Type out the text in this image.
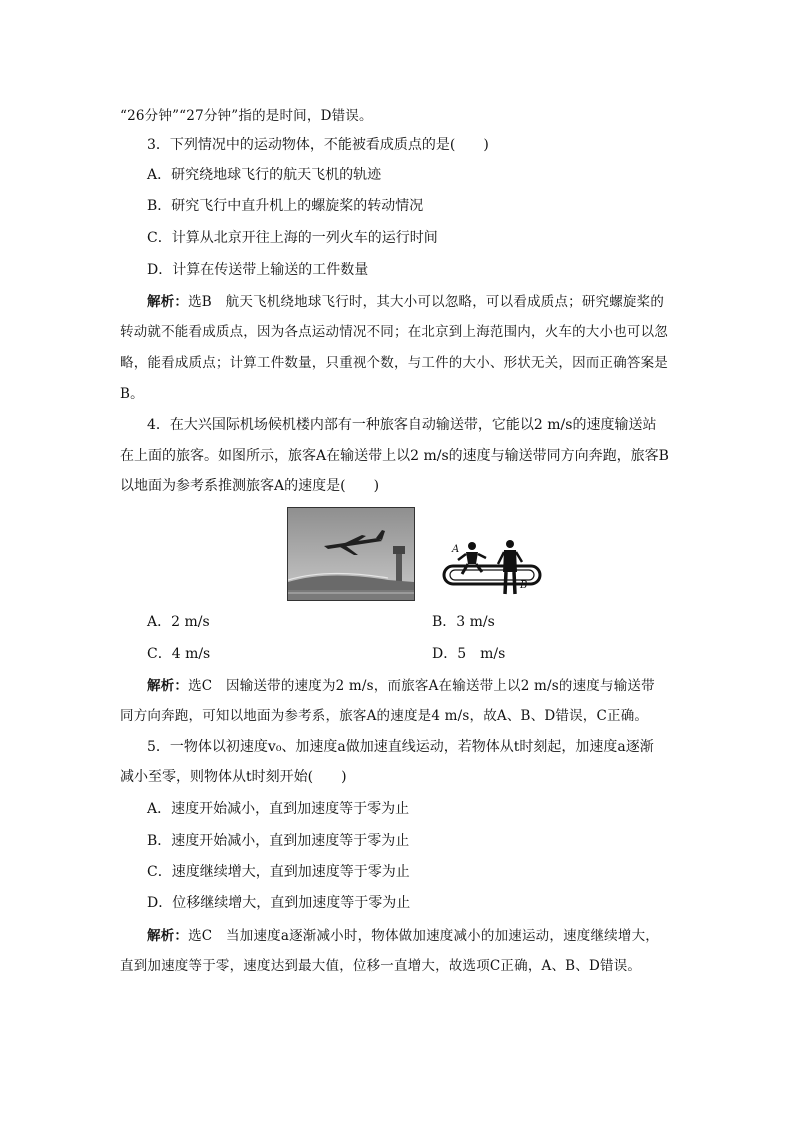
“26分钟”“27分钟”指的是时间，D错误。
3．下列情况中的运动物体，不能被看成质点的是(　　)
A．研究绕地球飞行的航天飞机的轨迹
B．研究飞行中直升机上的螺旋桨的转动情况
C．计算从北京开往上海的一列火车的运行时间
D．计算在传送带上输送的工件数量
解析：选B　航天飞机绕地球飞行时，其大小可以忽略，可以看成质点；研究螺旋桨的
转动就不能看成质点，因为各点运动情况不同；在北京到上海范围内，火车的大小也可以忽
略，能看成质点；计算工件数量，只重视个数，与工件的大小、形状无关，因而正确答案是
B。
4．在大兴国际机场候机楼内部有一种旅客自动输送带，它能以2 m/s的速度输送站
在上面的旅客。如图所示，旅客A在输送带上以2 m/s的速度与输送带同方向奔跑，旅客B
以地面为参考系推测旅客A的速度是(　　)
A
B
A．2 m/s	B．3 m/s
C．4 m/s	D．5　m/s
解析：选C　因输送带的速度为2 m/s，而旅客A在输送带上以2 m/s的速度与输送带
同方向奔跑，可知以地面为参考系，旅客A的速度是4 m/s，故A、B、D错误，C正确。
5．一物体以初速度v₀、加速度a做加速直线运动，若物体从t时刻起，加速度a逐渐
减小至零，则物体从t时刻开始(　　)
A．速度开始减小，直到加速度等于零为止
B．速度开始减小，直到加速度等于零为止
C．速度继续增大，直到加速度等于零为止
D．位移继续增大，直到加速度等于零为止
解析：选C　当加速度a逐渐减小时，物体做加速度减小的加速运动，速度继续增大，
直到加速度等于零，速度达到最大值，位移一直增大，故选项C正确，A、B、D错误。
